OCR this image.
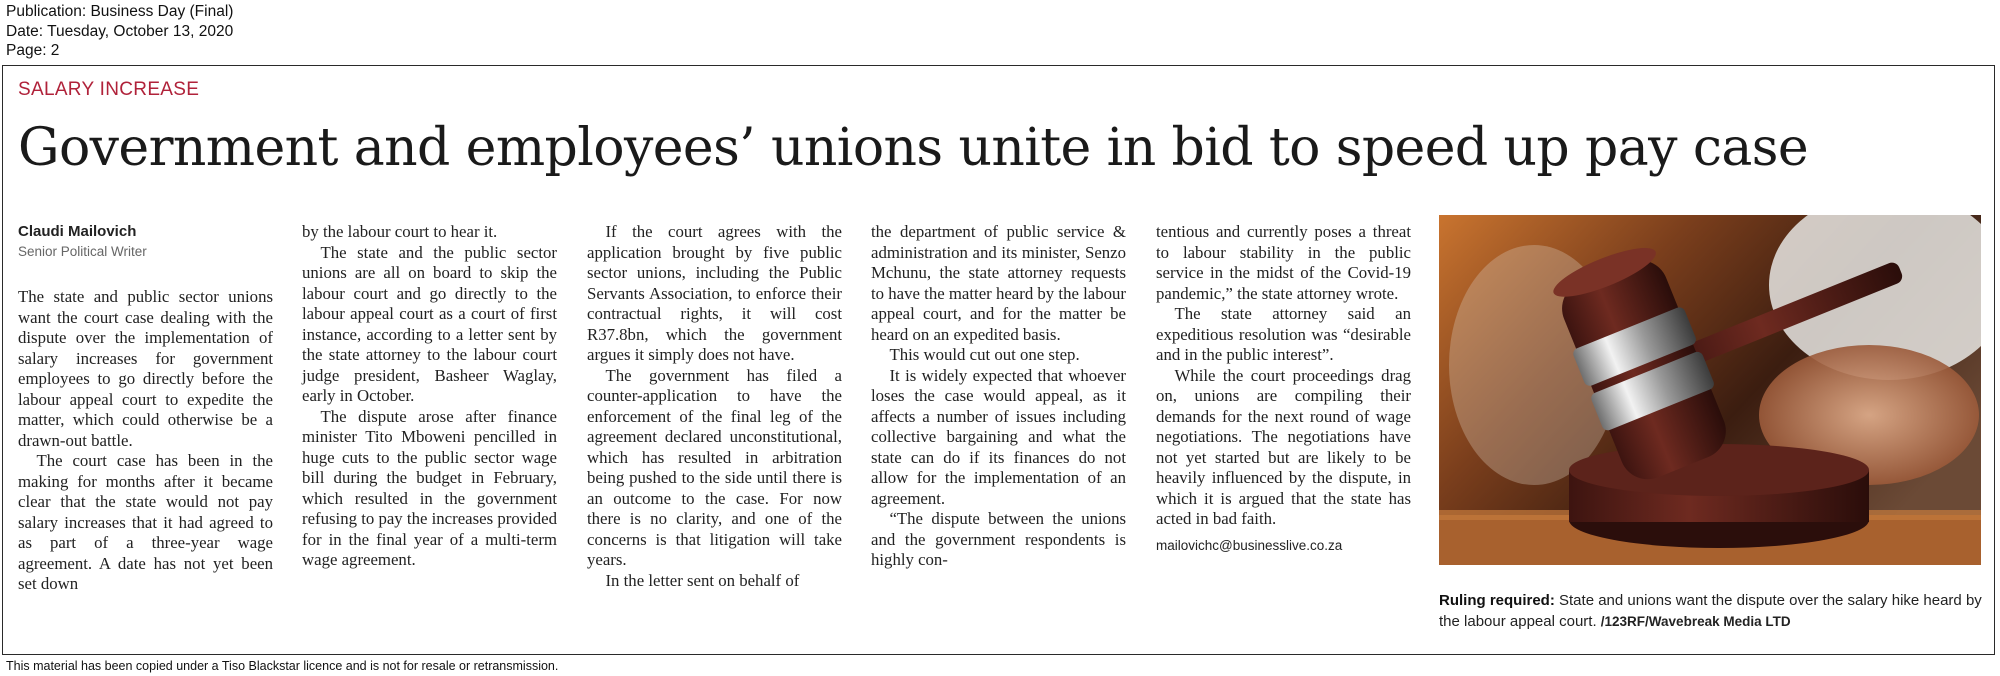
Publication: Business Day (Final)
Date: Tuesday, October 13, 2020
Page: 2
SALARY INCREASE
Government and employees’ unions unite in bid to speed up pay case
Claudi Mailovich
Senior Political Writer

The state and public sector unions want the court case dealing with the dispute over the implementation of salary increases for government employees to go directly before the labour appeal court to expedite the matter, which could otherwise be a drawn-out battle.

The court case has been in the making for months after it became clear that the state would not pay salary increases that it had agreed to as part of a three-year wage agreement. A date has not yet been set down

by the labour court to hear it.

The state and the public sector unions are all on board to skip the labour court and go directly to the labour appeal court as a court of first instance, according to a letter sent by the state attorney to the labour court judge president, Basheer Waglay, early in October.

The dispute arose after finance minister Tito Mboweni pencilled in huge cuts to the public sector wage bill during the budget in February, which resulted in the government refusing to pay the increases provided for in the final year of a multi-term wage agreement.

If the court agrees with the application brought by five public sector unions, including the Public Servants Association, to enforce their contractual rights, it will cost R37.8bn, which the government argues it simply does not have.

The government has filed a counter-application to have the enforcement of the final leg of the agreement declared unconstitutional, which has resulted in arbitration being pushed to the side until there is an outcome to the case. For now there is no clarity, and one of the concerns is that litigation will take years.

In the letter sent on behalf of

the department of public service & administration and its minister, Senzo Mchunu, the state attorney requests to have the matter heard by the labour appeal court, and for the matter be heard on an expedited basis.

This would cut out one step.

It is widely expected that whoever loses the case would appeal, as it affects a number of issues including collective bargaining and what the state can do if its finances do not allow for the implementation of an agreement.

“The dispute between the unions and the government respondents is highly con-

tentious and currently poses a threat to labour stability in the public service in the midst of the Covid-19 pandemic,” the state attorney wrote.

The state attorney said an expeditious resolution was “desirable and in the public interest”.

While the court proceedings drag on, unions are compiling their demands for the next round of wage negotiations. The negotiations have not yet started but are likely to be heavily influenced by the dispute, in which it is argued that the state has acted in bad faith.

mailovichc@businesslive.co.za

Ruling required: State and unions want the dispute over the salary hike heard by the labour appeal court. /123RF/Wavebreak Media LTD
This material has been copied under a Tiso Blackstar licence and is not for resale or retransmission.
